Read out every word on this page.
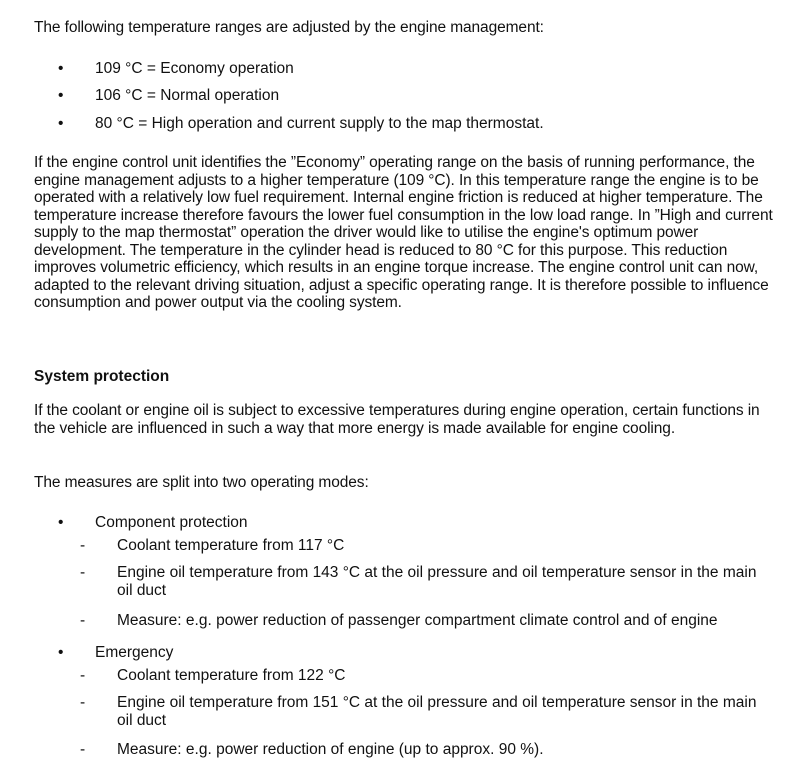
The following temperature ranges are adjusted by the engine management:

• 109 °C = Economy operation
• 106 °C = Normal operation
• 80 °C = High operation and current supply to the map thermostat.

If the engine control unit identifies the ”Economy” operating range on the basis of running performance, the engine management adjusts to a higher temperature (109 °C). In this temperature range the engine is to be operated with a relatively low fuel requirement. Internal engine friction is reduced at higher temperature. The temperature increase therefore favours the lower fuel consumption in the low load range. In ”High and current supply to the map thermostat” operation the driver would like to utilise the engine's optimum power development. The temperature in the cylinder head is reduced to 80 °C for this purpose. This reduction improves volumetric efficiency, which results in an engine torque increase. The engine control unit can now, adapted to the relevant driving situation, adjust a specific operating range. It is therefore possible to influence consumption and power output via the cooling system.

System protection

If the coolant or engine oil is subject to excessive temperatures during engine operation, certain functions in the vehicle are influenced in such a way that more energy is made available for engine cooling.

The measures are split into two operating modes:

• Component protection
- Coolant temperature from 117 °C
- Engine oil temperature from 143 °C at the oil pressure and oil temperature sensor in the main oil duct
- Measure: e.g. power reduction of passenger compartment climate control and of engine
• Emergency
- Coolant temperature from 122 °C
- Engine oil temperature from 151 °C at the oil pressure and oil temperature sensor in the main oil duct
- Measure: e.g. power reduction of engine (up to approx. 90 %).
